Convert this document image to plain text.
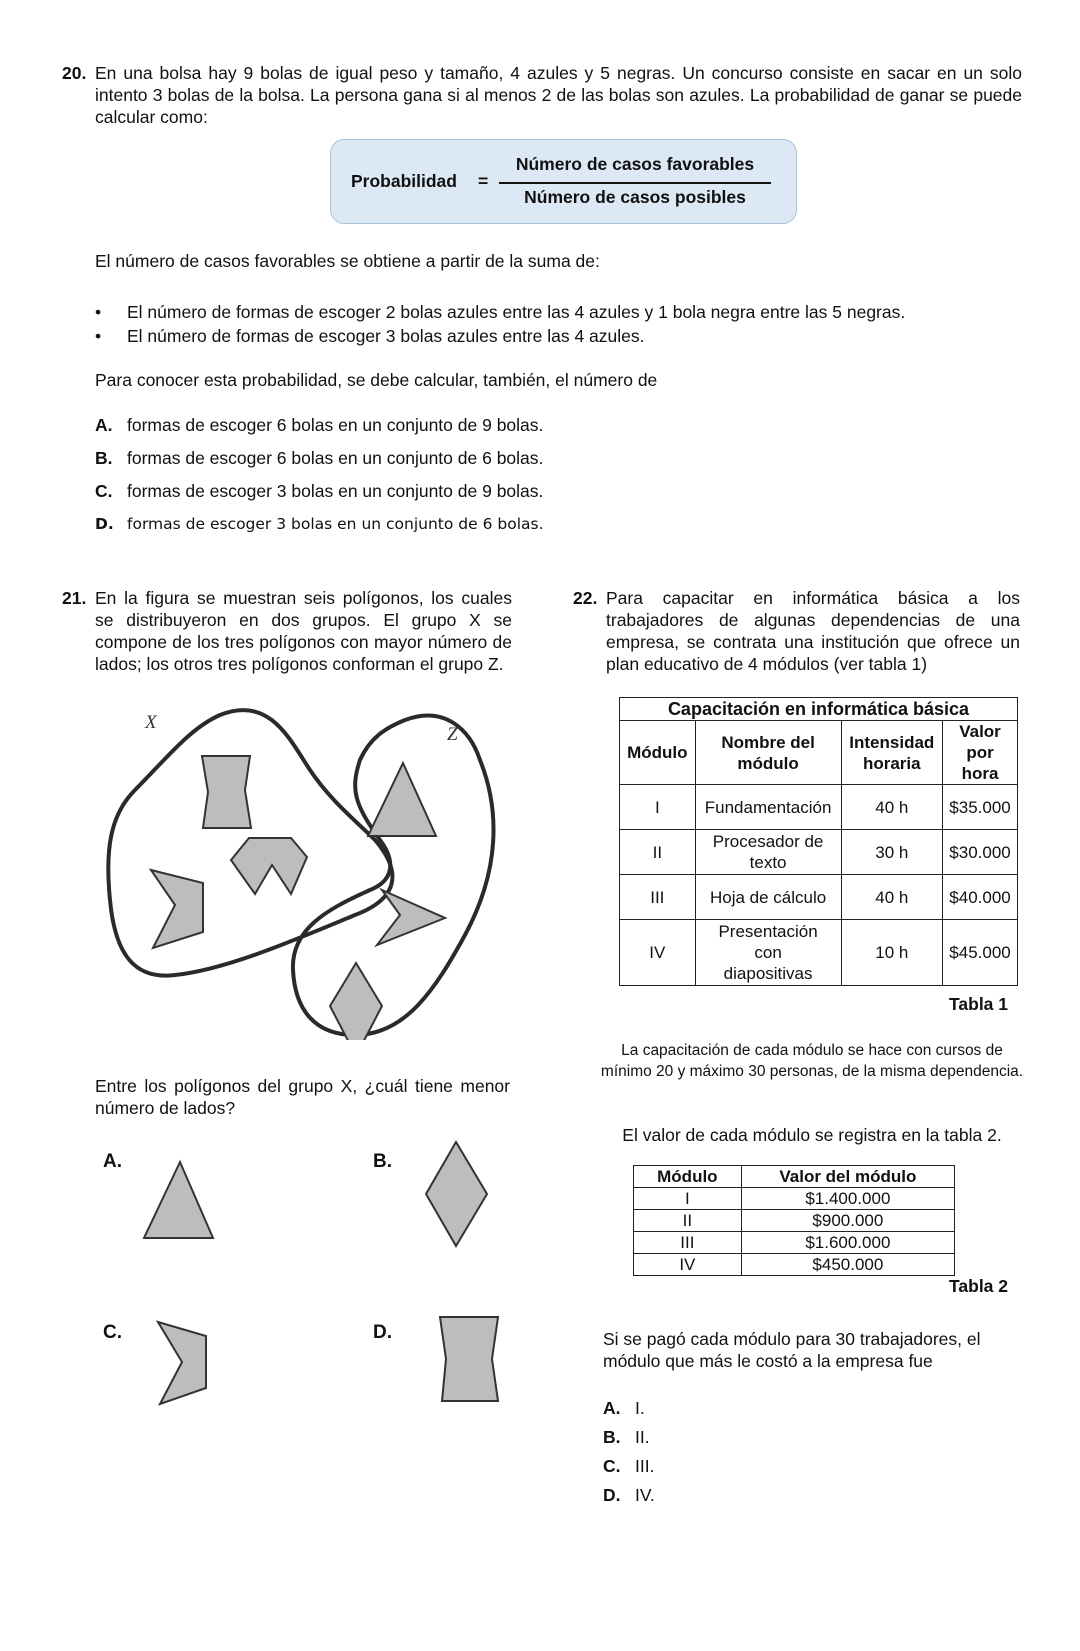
20. En una bolsa hay 9 bolas de igual peso y tamaño, 4 azules y 5 negras. Un concurso consiste en sacar en un solo intento 3 bolas de la bolsa. La persona gana si al menos 2 de las bolas son azules. La probabilidad de ganar se puede calcular como:
Probabilidad =
Número de casos favorables
Número de casos posibles
El número de casos favorables se obtiene a partir de la suma de:
• El número de formas de escoger 2 bolas azules entre las 4 azules y 1 bola negra entre las 5 negras.
• El número de formas de escoger 3 bolas azules entre las 4 azules.
Para conocer esta probabilidad, se debe calcular, también, el número de
A. formas de escoger 6 bolas en un conjunto de 9 bolas.
B. formas de escoger 6 bolas en un conjunto de 6 bolas.
C. formas de escoger 3 bolas en un conjunto de 9 bolas.
D. formas de escoger 3 bolas en un conjunto de 6 bolas.
21. En la figura se muestran seis polígonos, los cuales se distribuyeron en dos grupos. El grupo X se compone de los tres polígonos con mayor número de lados; los otros tres polígonos conforman el grupo Z.
X
Z
Entre los polígonos del grupo X, ¿cuál tiene menor número de lados?
A.	B.
C.	D.
22. Para capacitar en informática básica a los trabajadores de algunas dependencias de una empresa, se contrata una institución que ofrece un plan educativo de 4 módulos (ver tabla 1)
Capacitación en informática básica			
Módulo	Nombre del módulo	Intensidad horaria	Valor por hora
I	Fundamentación	40 h	$35.000
II	Procesador de texto	30 h	$30.000
III	Hoja de cálculo	40 h	$40.000
IV	Presentación con diapositivas	10 h	$45.000
Tabla 1
La capacitación de cada módulo se hace con cursos de mínimo 20 y máximo 30 personas, de la misma dependencia.
El valor de cada módulo se registra en la tabla 2.
Módulo	Valor del módulo
I	$1.400.000
II	$900.000
III	$1.600.000
IV	$450.000
Tabla 2
Si se pagó cada módulo para 30 trabajadores, el módulo que más le costó a la empresa fue
A. I.
B. II.
C. III.
D. IV.
